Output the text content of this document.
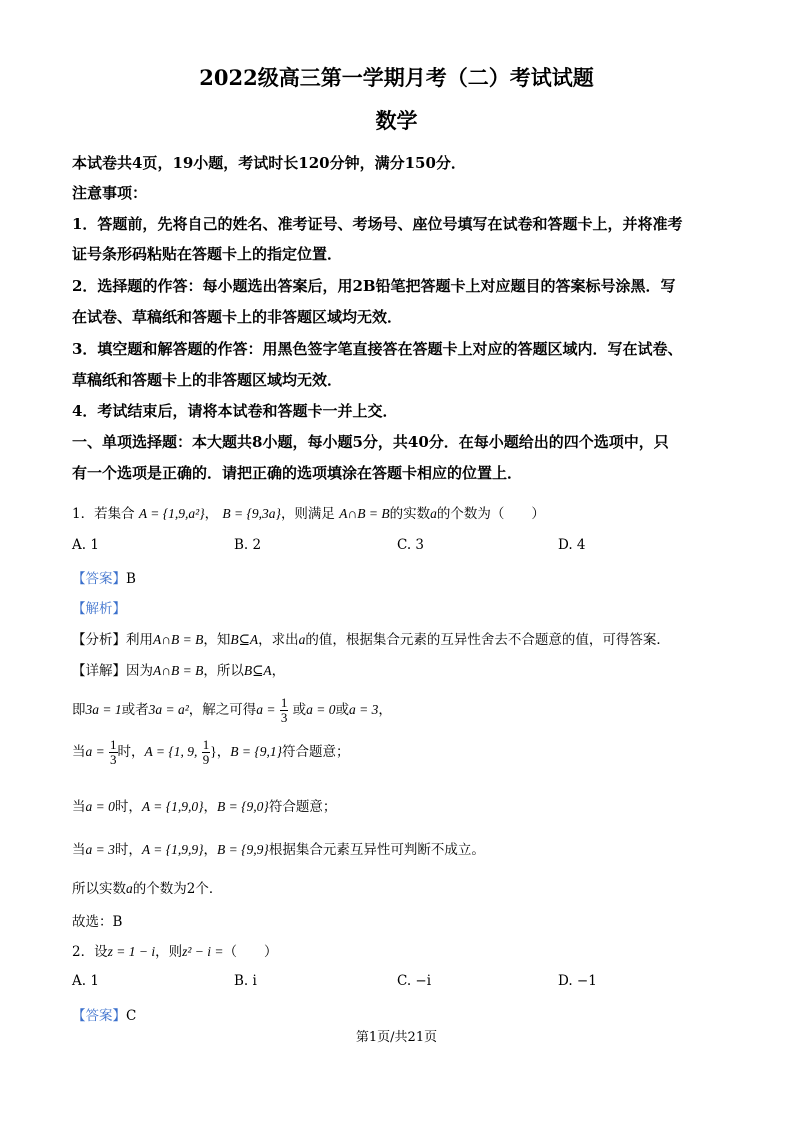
2022级高三第一学期月考（二）考试试题
数学
本试卷共4页，19小题，考试时长120分钟，满分150分．
注意事项：
1．答题前，先将自己的姓名、准考证号、考场号、座位号填写在试卷和答题卡上，并将准考
证号条形码粘贴在答题卡上的指定位置．
2．选择题的作答：每小题选出答案后，用2B铅笔把答题卡上对应题目的答案标号涂黑．写
在试卷、草稿纸和答题卡上的非答题区域均无效．
3．填空题和解答题的作答：用黑色签字笔直接答在答题卡上对应的答题区域内．写在试卷、
草稿纸和答题卡上的非答题区域均无效．
4．考试结束后，请将本试卷和答题卡一并上交．
一、单项选择题：本大题共8小题，每小题5分，共40分．在每小题给出的四个选项中，只
有一个选项是正确的．请把正确的选项填涂在答题卡相应的位置上．
1．若集合 A = {1,9,a²}， B = {9,3a}，则满足 A∩B = B的实数a的个数为（　　）
A. 1	B. 2	C. 3	D. 4
【答案】B
【解析】
【分析】利用A∩B = B，知B⊆A，求出a的值，根据集合元素的互异性舍去不合题意的值，可得答案．
【详解】因为A∩B = B，所以B⊆A，
即3a = 1或者3a = a²，解之可得$a = \frac{1}{3}$ 或a = 0或a = 3，
当$a = \frac{1}{3}$ 时，A = {1, 9, $\frac{1}{9}$ }，B = {9,1}符合题意；
当a = 0时，A = {1,9,0}，B = {9,0}符合题意；
当a = 3时，A = {1,9,9}，B = {9,9}根据集合元素互异性可判断不成立。
所以实数a的个数为2个．
故选：B
2．设z = 1 − i，则z² − i =（　　）
A. 1	B. i	C. −i	D. −1
【答案】C
第1页/共21页
